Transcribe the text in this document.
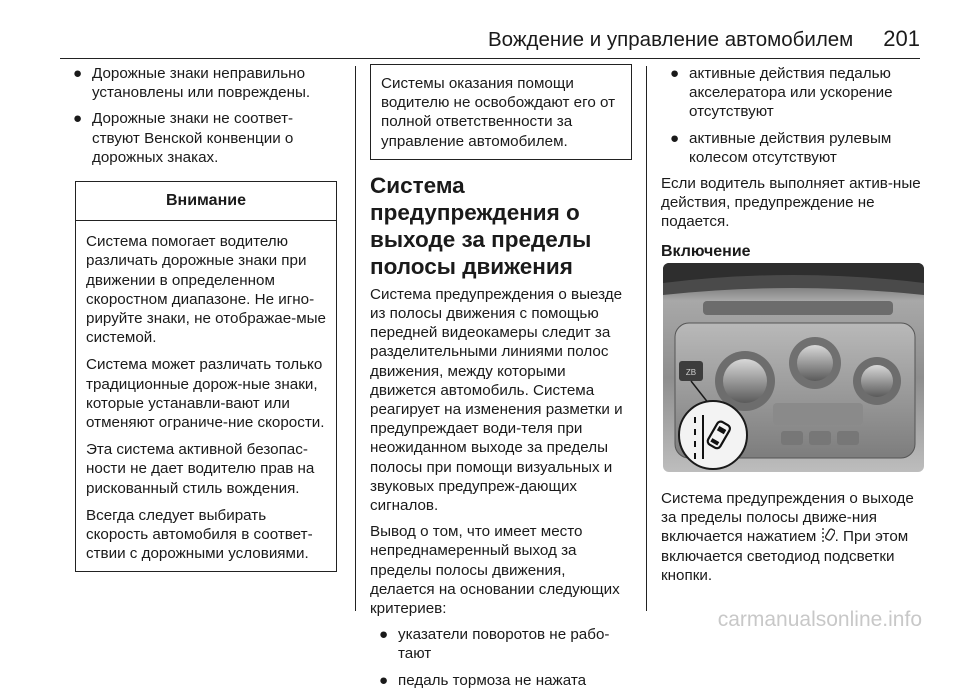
Вождение и управление автомобилем 201
● Дорожные знаки неправильно установлены или повреждены.
● Дорожные знаки не соответ-ствуют Венской конвенции о дорожных знаках.
Внимание

Система помогает водителю различать дорожные знаки при движении в определенном скоростном диапазоне. Не игно-рируйте знаки, не отображае-мые системой.

Система может различать только традиционные дорож-ные знаки, которые устанавли-вают или отменяют ограниче-ние скорости.

Эта система активной безопас-ности не дает водителю прав на рискованный стиль вождения.

Всегда следует выбирать скорость автомобиля в соответ-ствии с дорожными условиями.

Системы оказания помощи водителю не освобождают его от полной ответственности за управление автомобилем.
Система предупреждения о выходе за пределы полосы движения

Система предупреждения о выезде из полосы движения с помощью передней видеокамеры следит за разделительными линиями полос движения, между которыми движется автомобиль. Система реагирует на изменения разметки и предупреждает води-теля при неожиданном выходе за пределы полосы при помощи визуальных и звуковых предупреж-дающих сигналов.

Вывод о том, что имеет место непреднамеренный выход за пределы полосы движения, делается на основании следующих критериев:

● указатели поворотов не рабо-тают
● педаль тормоза не нажата
● активные действия педалью акселератора или ускорение отсутствуют
● активные действия рулевым колесом отсутствуют

Если водитель выполняет актив-ные действия, предупреждение не подается.

Включение
ZB

Система предупреждения о выходе за пределы полосы движе-ния включается нажатием . При этом включается светодиод подсветки кнопки.

carmanualsonline.info
